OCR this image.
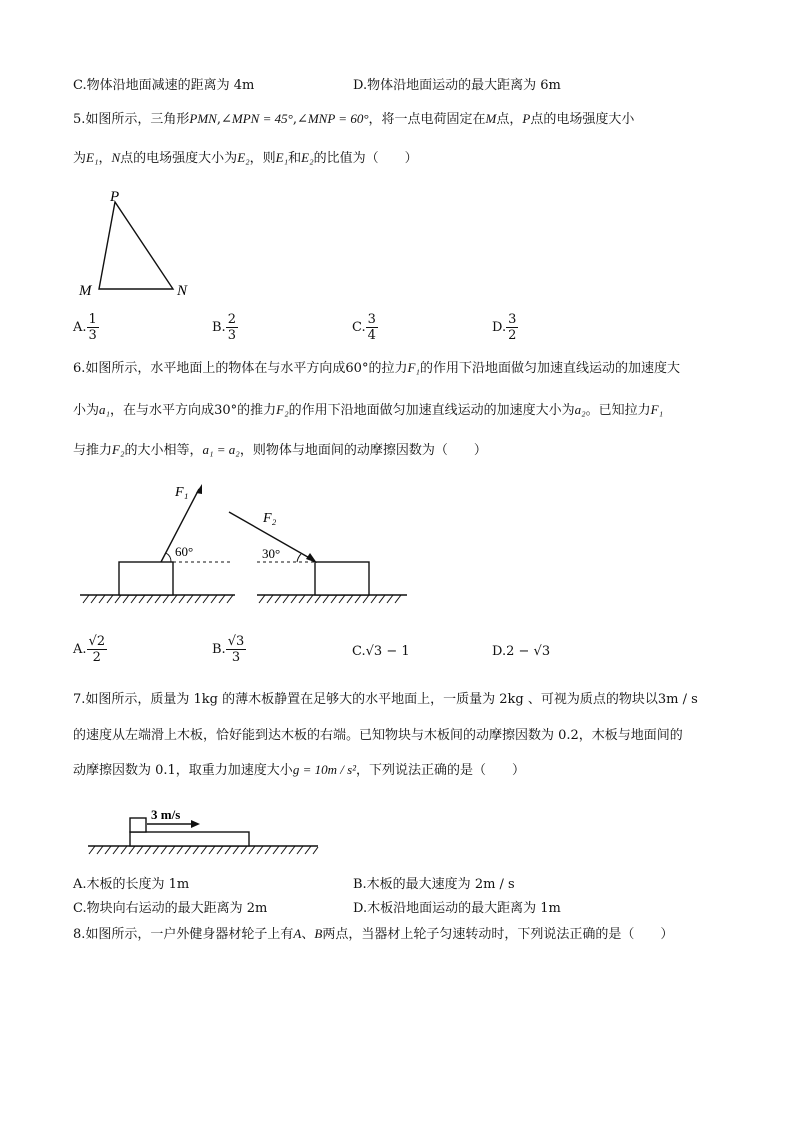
C.物体沿地面减速的距离为 4m	D.物体沿地面运动的最大距离为 6m
5.如图所示，三角形PMN,∠MPN = 45°,∠MNP = 60°，将一点电荷固定在M点，P点的电场强度大小
为E₁，N点的电场强度大小为E₂，则E₁和E₂的比值为（　　）
P
M	N
A. $\frac{1}{3}$	B. $\frac{2}{3}$	C. $\frac{3}{4}$	D. $\frac{3}{2}$
6.如图所示，水平地面上的物体在与水平方向成60°的拉力F₁的作用下沿地面做匀加速直线运动的加速度大
小为a₁，在与水平方向成30°的推力F₂的作用下沿地面做匀加速直线运动的加速度大小为a₂。已知拉力F₁
与推力F₂的大小相等，a₁ = a₂，则物体与地面间的动摩擦因数为（　　）
F₁
60°
F₂
30°
A. $\frac{√2}{2}$	B. $\frac{√3}{3}$	C.√3 − 1	D.2 − √3
7.如图所示，质量为 1kg 的薄木板静置在足够大的水平地面上，一质量为 2kg 、可视为质点的物块以3m / s
的速度从左端滑上木板，恰好能到达木板的右端。已知物块与木板间的动摩擦因数为 0.2，木板与地面间的
动摩擦因数为 0.1，取重力加速度大小g = 10m / s²，下列说法正确的是（　　）
3 m/s
A.木板的长度为 1m	B.木板的最大速度为 2m / s
C.物块向右运动的最大距离为 2m	D.木板沿地面运动的最大距离为 1m
8.如图所示，一户外健身器材轮子上有A、B两点，当器材上轮子匀速转动时，下列说法正确的是（　　）
